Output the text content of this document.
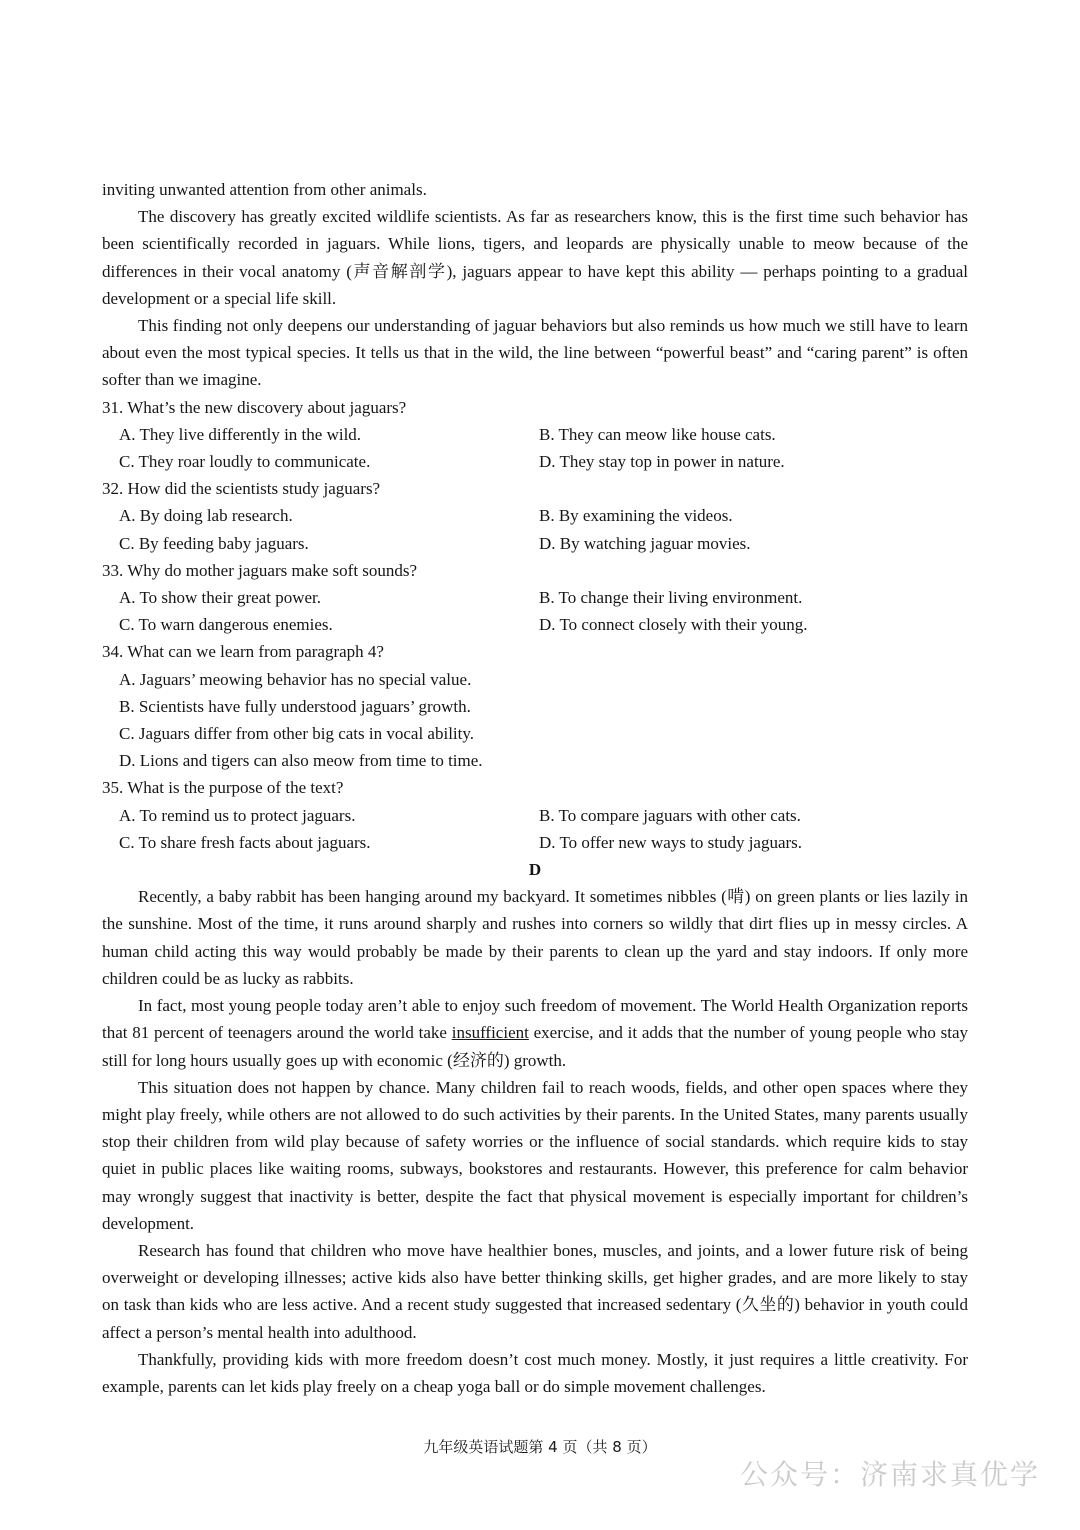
inviting unwanted attention from other animals.

The discovery has greatly excited wildlife scientists. As far as researchers know, this is the first time such behavior has been scientifically recorded in jaguars. While lions, tigers, and leopards are physically unable to meow because of the differences in their vocal anatomy (声音解剖学), jaguars appear to have kept this ability — perhaps pointing to a gradual development or a special life skill.

This finding not only deepens our understanding of jaguar behaviors but also reminds us how much we still have to learn about even the most typical species. It tells us that in the wild, the line between “powerful beast” and “caring parent” is often softer than we imagine.

31. What’s the new discovery about jaguars?

A. They live differently in the wild.	B. They can meow like house cats.
C. They roar loudly to communicate.	D. They stay top in power in nature.

32. How did the scientists study jaguars?

A. By doing lab research.	B. By examining the videos.
C. By feeding baby jaguars.	D. By watching jaguar movies.

33. Why do mother jaguars make soft sounds?

A. To show their great power.	B. To change their living environment.
C. To warn dangerous enemies.	D. To connect closely with their young.

34. What can we learn from paragraph 4?

A. Jaguars’ meowing behavior has no special value.
B. Scientists have fully understood jaguars’ growth.
C. Jaguars differ from other big cats in vocal ability.
D. Lions and tigers can also meow from time to time.

35. What is the purpose of the text?

A. To remind us to protect jaguars.	B. To compare jaguars with other cats.
C. To share fresh facts about jaguars.	D. To offer new ways to study jaguars.

D

Recently, a baby rabbit has been hanging around my backyard. It sometimes nibbles (啃) on green plants or lies lazily in the sunshine. Most of the time, it runs around sharply and rushes into corners so wildly that dirt flies up in messy circles. A human child acting this way would probably be made by their parents to clean up the yard and stay indoors. If only more children could be as lucky as rabbits.

In fact, most young people today aren’t able to enjoy such freedom of movement. The World Health Organization reports that 81 percent of teenagers around the world take insufficient exercise, and it adds that the number of young people who stay still for long hours usually goes up with economic (经济的) growth.

This situation does not happen by chance. Many children fail to reach woods, fields, and other open spaces where they might play freely, while others are not allowed to do such activities by their parents. In the United States, many parents usually stop their children from wild play because of safety worries or the influence of social standards. which require kids to stay quiet in public places like waiting rooms, subways, bookstores and restaurants. However, this preference for calm behavior may wrongly suggest that inactivity is better, despite the fact that physical movement is especially important for children’s development.

Research has found that children who move have healthier bones, muscles, and joints, and a lower future risk of being overweight or developing illnesses; active kids also have better thinking skills, get higher grades, and are more likely to stay on task than kids who are less active. And a recent study suggested that increased sedentary (久坐的) behavior in youth could affect a person’s mental health into adulthood.

Thankfully, providing kids with more freedom doesn’t cost much money. Mostly, it just requires a little creativity. For example, parents can let kids play freely on a cheap yoga ball or do simple movement challenges.

九年级英语试题第 4 页（共 8 页）
公众号：济南求真优学
